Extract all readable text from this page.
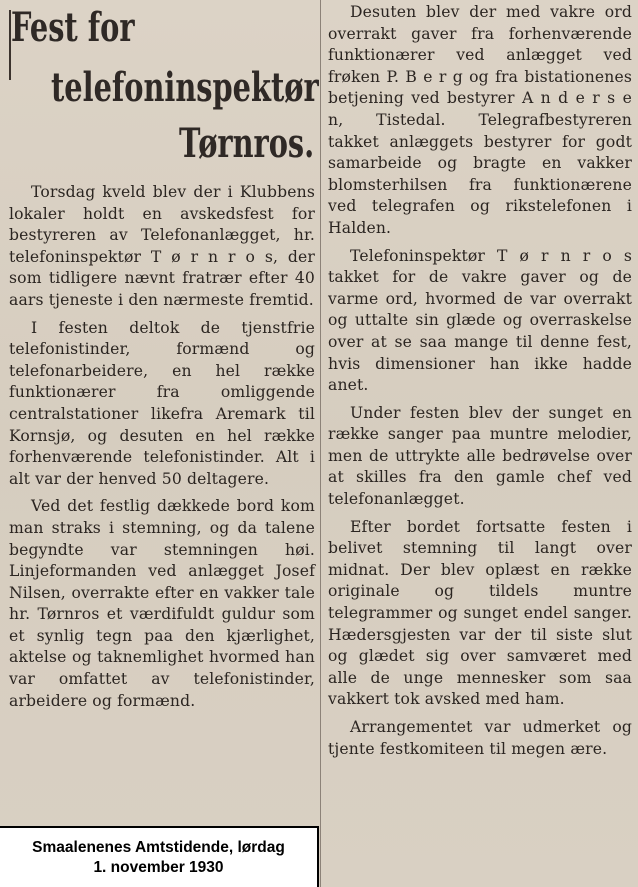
Fest for
telefoninspektør
Tørnros.

Torsdag kveld blev der i Klubbens lokaler holdt en avskedsfest for bestyreren av Telefonanlægget, hr. telefoninspektør T ø r n r o s, der som tidligere nævnt fratrær efter 40 aars tjeneste i den nærmeste fremtid.

I festen deltok de tjenstfrie telefonistinder, formænd og telefonarbeidere, en hel række funktionærer fra omliggende centralstationer likefra Aremark til Kornsjø, og desuten en hel række forhenværende telefonistinder. Alt i alt var der henved 50 deltagere.

Ved det festlig dækkede bord kom man straks i stemning, og da talene begyndte var stemningen høi. Linjeformanden ved anlægget Josef Nilsen, overrakte efter en vakker tale hr. Tørnros et værdifuldt guldur som et synlig tegn paa den kjærlighet, aktelse og taknemlighet hvormed han var omfattet av telefonistinder, arbeidere og formænd.

Desuten blev der med vakre ord overrakt gaver fra forhenværende funktionærer ved anlægget ved frøken P. B e r g og fra bistationenes betjening ved bestyrer A n d e r s e n, Tistedal. Telegrafbestyreren takket anlæggets bestyrer for godt samarbeide og bragte en vakker blomsterhilsen fra funktionærene ved telegrafen og rikstelefonen i Halden.

Telefoninspektør T ø r n r o s takket for de vakre gaver og de varme ord, hvormed de var overrakt og uttalte sin glæde og overraskelse over at se saa mange til denne fest, hvis dimensioner han ikke hadde anet.

Under festen blev der sunget en række sanger paa muntre melodier, men de uttrykte alle bedrøvelse over at skilles fra den gamle chef ved telefonanlægget.

Efter bordet fortsatte festen i belivet stemning til langt over midnat. Der blev oplæst en række originale og tildels muntre telegrammer og sunget endel sanger. Hædersgjesten var der til siste slut og glædet sig over samværet med alle de unge mennesker som saa vakkert tok avsked med ham.

Arrangementet var udmerket og tjente festkomiteen til megen ære.

Smaalenenes Amtstidende, lørdag
1. november 1930
